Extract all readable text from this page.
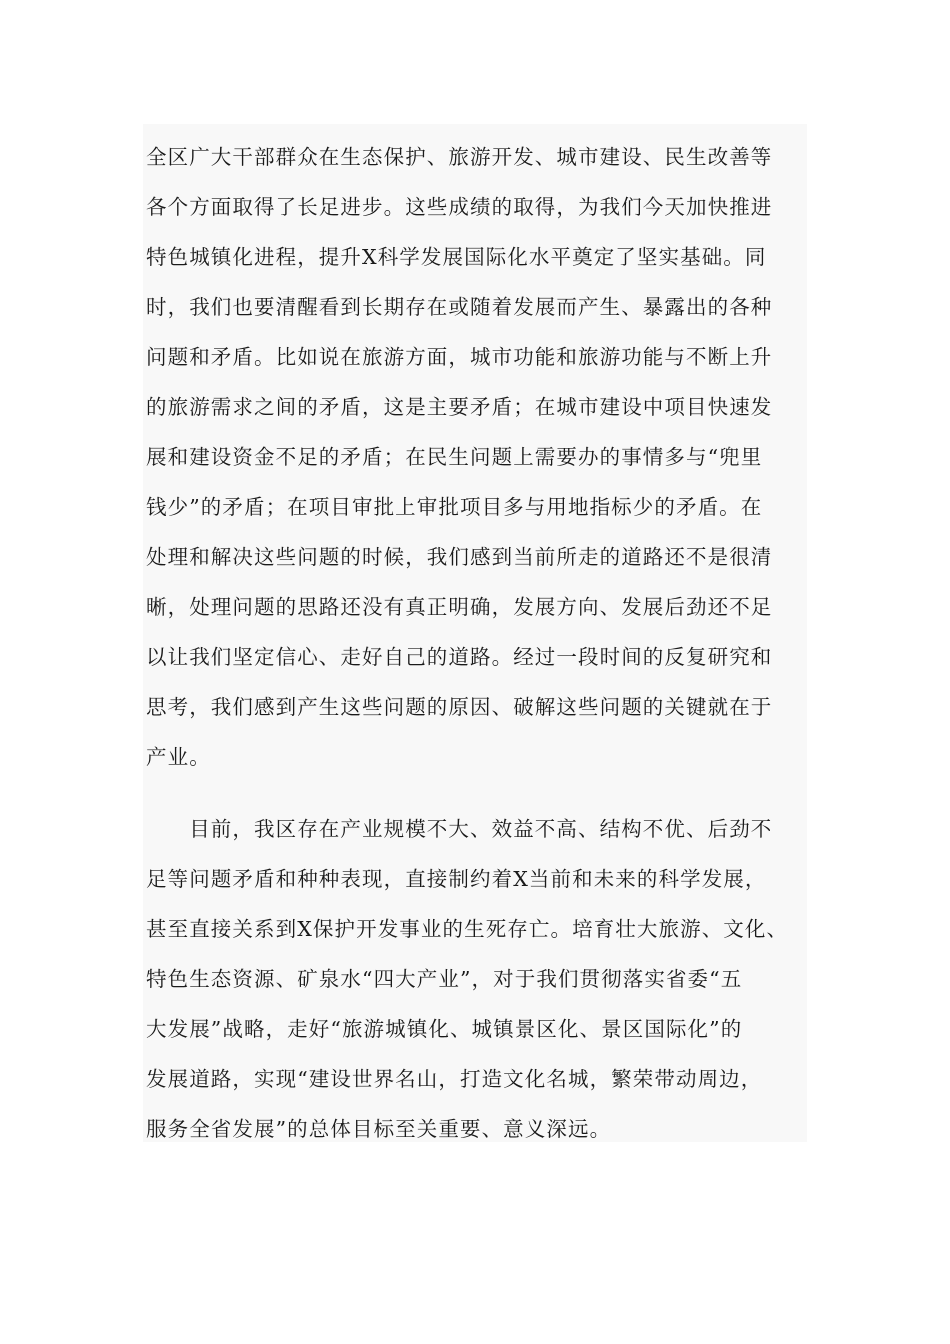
全区广大干部群众在生态保护、旅游开发、城市建设、民生改善等
各个方面取得了长足进步。这些成绩的取得，为我们今天加快推进
特色城镇化进程，提升X科学发展国际化水平奠定了坚实基础。同
时，我们也要清醒看到长期存在或随着发展而产生、暴露出的各种
问题和矛盾。比如说在旅游方面，城市功能和旅游功能与不断上升
的旅游需求之间的矛盾，这是主要矛盾；在城市建设中项目快速发
展和建设资金不足的矛盾；在民生问题上需要办的事情多与“兜里
钱少”的矛盾；在项目审批上审批项目多与用地指标少的矛盾。在
处理和解决这些问题的时候，我们感到当前所走的道路还不是很清
晰，处理问题的思路还没有真正明确，发展方向、发展后劲还不足
以让我们坚定信心、走好自己的道路。经过一段时间的反复研究和
思考，我们感到产生这些问题的原因、破解这些问题的关键就在于
产业。
　　目前，我区存在产业规模不大、效益不高、结构不优、后劲不
足等问题矛盾和种种表现，直接制约着X当前和未来的科学发展，
甚至直接关系到X保护开发事业的生死存亡。培育壮大旅游、文化、
特色生态资源、矿泉水“四大产业”，对于我们贯彻落实省委“五
大发展”战略，走好“旅游城镇化、城镇景区化、景区国际化”的
发展道路，实现“建设世界名山，打造文化名城，繁荣带动周边，
服务全省发展”的总体目标至关重要、意义深远。
